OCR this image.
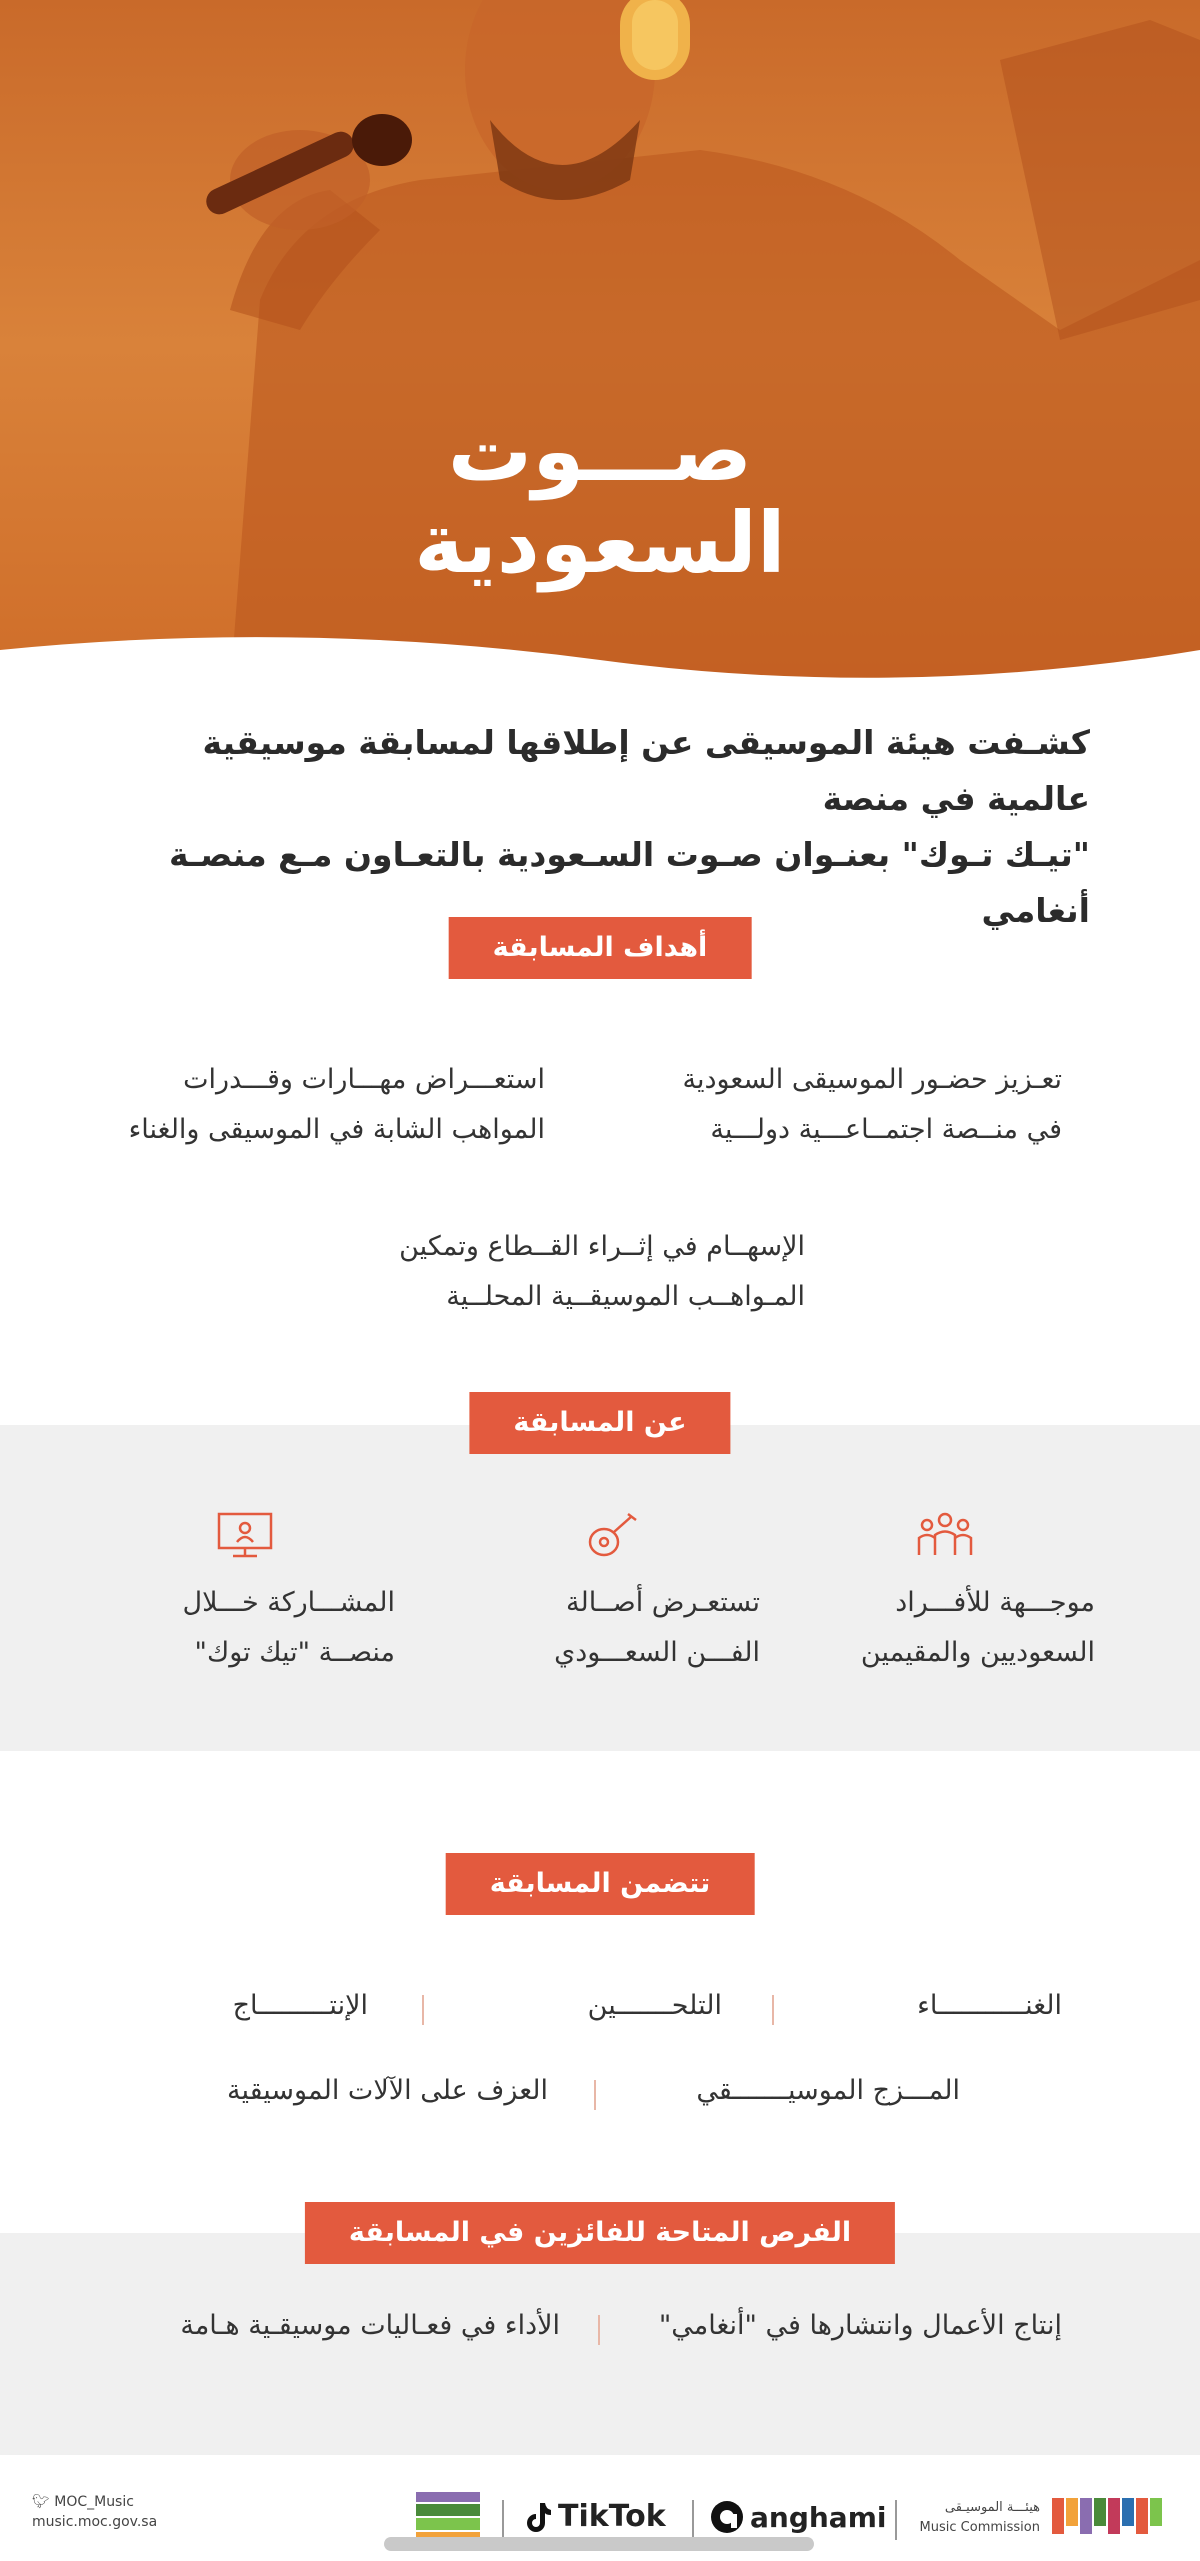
صـــوت
السعودية
كشـفت هيئة الموسيقى عن إطلاقها لمسابقة موسيقية عالمية في منصة
"تيـك تـوك" بعنـوان صـوت السـعودية بالتعـاون مـع منصـة أنغامي
أهداف المسابقة
تعـزيز حضـور الموسيقى السعودية
في منــصة اجتمــاعـــية دولـــية
استعـــراض مهـــارات وقـــدرات
المواهب الشابة في الموسيقى والغناء
الإسهــام في إثــراء القــطاع وتمكين
المـواهــب الموسيقــية المحلــية
عن المسابقة
موجـــهة للأفـــراد
السعوديين والمقيمين
تستعـرض أصــالة
الفـــن السعـــودي
المشـــاركة خـــلال
منصــة "تيك توك"
تتضمن المسابقة
الغنـــــــــــاء
التلحـــــــين
الإنتـــــــــاج
المـــزج الموسيـــــــقي
العزف على الآلات الموسيقية
الفرص المتاحة للفائزين في المسابقة
إنتاج الأعمال وانتشارها في "أنغامي"
الأداء في فعـاليات موسيقـية هـامة
🐦︎ MOC_Music
music.moc.gov.sa	TikTok	anghami	هيئـــة الموسيـقى
Music Commission
